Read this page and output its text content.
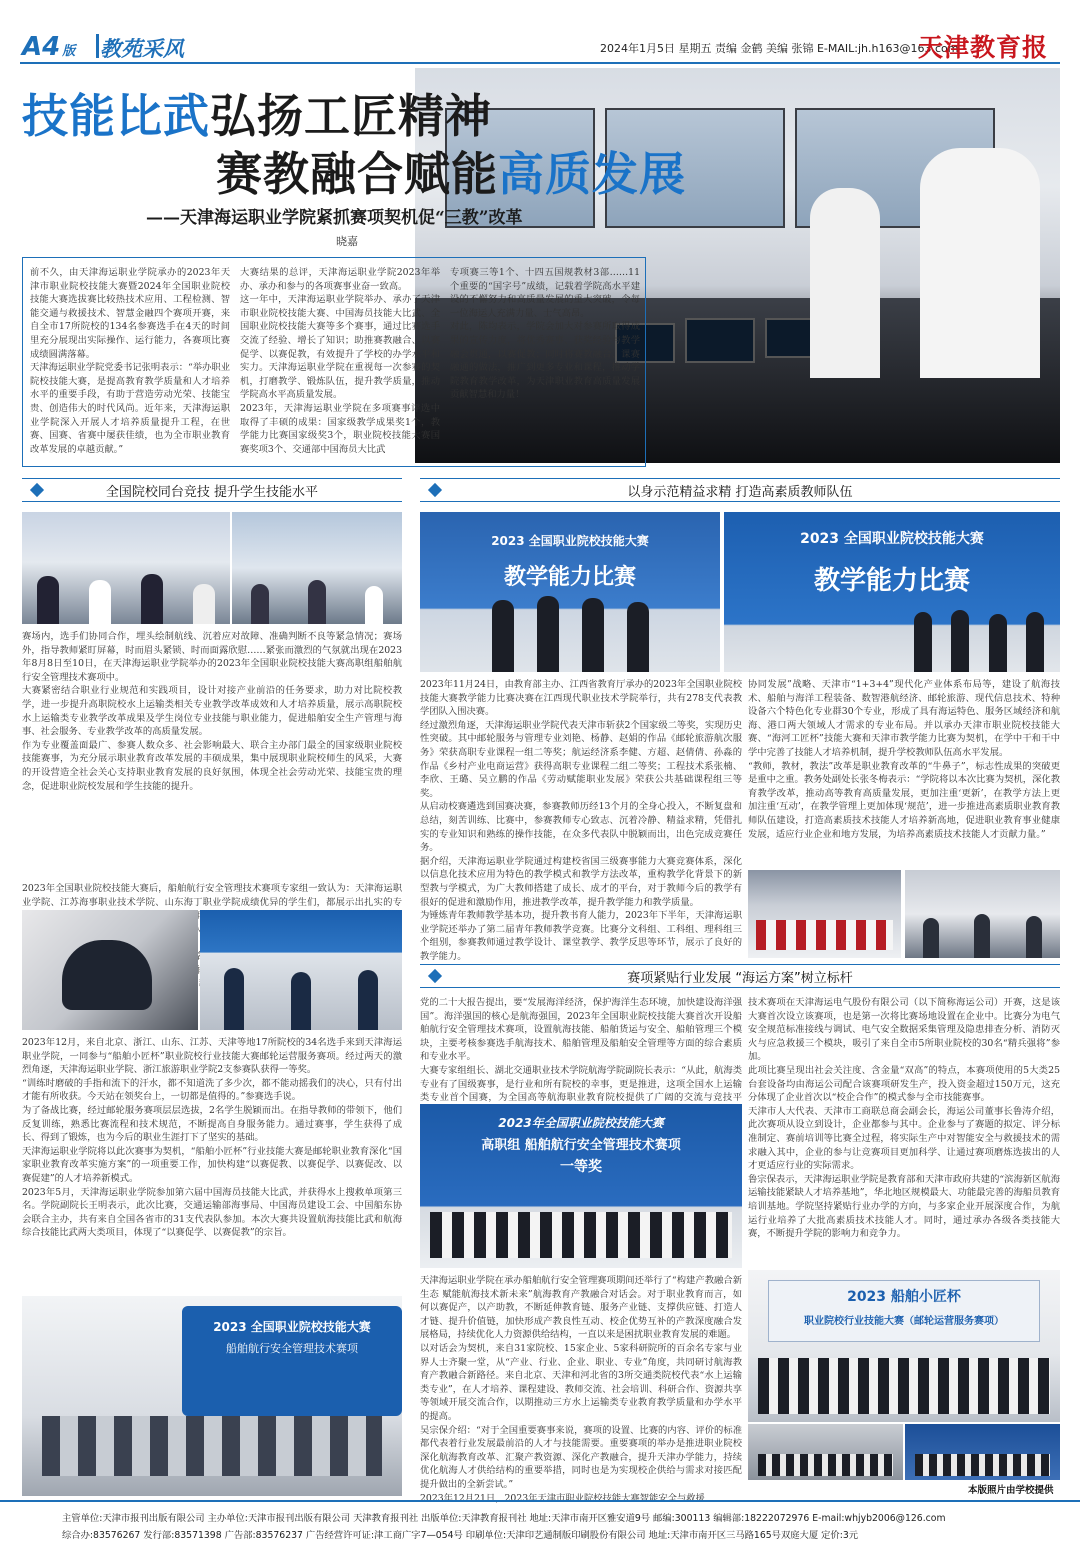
A4 版 教苑采风	2024年1月5日 星期五 责编 金鹤 美编 张锦 E-MAIL:jh.h163@163.com
天津教育报
技能比武弘扬工匠精神
赛教融合赋能高质发展
——天津海运职业学院紧抓赛项契机促“三教”改革
晓嘉
前不久，由天津海运职业学院承办的2023年天津市职业院校技能大赛暨2024年全国职业院校技能大赛选拔赛比较热技术应用、工程检测、智能交通与救援技术、智慧金融四个赛项开赛，来自全市17所院校的134名参赛选手在4天的时间里充分展现出实际操作、运行能力，各赛项比赛成绩圆满落幕。
天津海运职业学院党委书记张明表示：“举办职业院校技能大赛，是提高教育教学质量和人才培养水平的重要手段，有助于营造劳动光荣、技能宝贵、创造伟大的时代风尚。近年来，天津海运职业学院深入开展人才培养质量提升工程，在世赛、国赛、省赛中屡获佳绩，也为全市职业教育改革发展的卓越贡献。”
大赛结果的总评，天津海运职业学院2023年举办、承办和参与的各项赛事业奋一致高。
这一年中，天津海运职业学院举办、承办了天津市职业院校技能大赛、中国海员技能大比武、全国职业院校技能大赛等多个赛事，通过比赛选手交流了经验、增长了知识；助推赛教融合、以赛促学、以赛促教，有效提升了学校的办学水平和实力。天津海运职业学院在重视每一次参赛的契机，打磨教学、锻炼队伍，提升教学质量，推动学院高水平高质量发展。
2023年，天津海运职业学院在多项赛事评选中取得了丰硕的成果：国家级教学成果奖1个，教学能力比赛国家级奖3个，职业院校技能大赛国赛奖项3个、交通部中国海员大比武
专项赛三等1个、十四五国规教材3部……11个重要的“国字号”成绩，记载着学院高水平建设的不懈努力和高质量发展的重大突破，令每一位海运人充满力量、士气高昂。
对此，陈均表示，学院会加大对参赛所取得成果的宣传力度，将优秀赛事、获奖经验与教学融会贯通，以赛促教；同时将赛教融合、课赛融通的做法，推广到更多专业和课程，推动学院教育教学改革，为天津职业教育高质量发展贡献智慧和力量！
全国院校同台竞技 提升学生技能水平
赛场内，选手们协同合作，埋头绘制航线、沉着应对故障、准确判断不良等紧急情况；赛场外，指导教师紧盯屏幕，时而眉头紧锁、时而面露欣慰……紧张而激烈的气氛就出现在2023年8月8日至10日，在天津海运职业学院举办的2023年全国职业院校技能大赛高职组船舶航行安全管理技术赛项中。
大赛紧密结合职业行业规范和实践项目，设计对接产业前沿的任务要求，助力对比院校教学，进一步提升高职院校水上运输类相关专业教学改革成效和人才培养质量，展示高职院校水上运输类专业教学改革成果及学生岗位专业技能与职业能力，促进船舶安全生产管理与海事、社会服务、专业教学改革的高质量发展。
作为专业覆盖面最广、参赛人数众多、社会影响最大、联合主办部门最全的国家级职业院校技能赛事，为充分展示职业教育改革发展的丰硕成果，集中展现职业院校师生的风采，大赛的开设营造全社会关心支持职业教育发展的良好氛围，体现全社会劳动光荣、技能宝贵的理念，促进职业院校发展和学生技能的提升。
2023年全国职业院校技能大赛后，船舶航行安全管理技术赛项专家组一致认为：天津海运职业学院、江苏海事职业技术学院、山东海丁职业学院成绩优异的学生们，都展示出扎实的专

2023年12月，来自北京、浙江、山东、江苏、天津等地17所院校的34名选手来到天津海运职业学院，一同参与“船舶小匠杯”职业院校行业技能大赛邮轮运营服务赛项。经过两天的激烈角逐，天津海运职业学院、浙江旅游职业学院2支参赛队获得一等奖。
“训练时磨破的手指和流下的汗水，都不知道洗了多少次，都不能动摇我们的决心，只有付出才能有所收获。今天站在领奖台上，一切都是值得的。”参赛选手说。
为了备战比赛，经过邮轮服务赛项层层选拔，2名学生脱颖而出。在指导教师的带领下，他们反复训练，熟悉比赛流程和技术规范，不断提高自身服务能力。通过赛事，学生获得了成长、得到了锻炼，也为今后的职业生涯打下了坚实的基础。
天津海运职业学院将以此次赛事为契机，“船舶小匠杯”行业技能大赛是邮轮职业教育深化“国家职业教育改革实施方案”的一项重要工作，加快构建“以赛促教、以赛促学、以赛促改、以赛促建”的人才培养新模式。
2023年5月，天津海运职业学院参加第六届中国海员技能大比武，并获得水上搜救单项第三名。学院副院长王明表示，此次比赛，交通运输部海事局、中国海员建设工会、中国船东协会联合主办，共有来自全国各省市的31支代表队参加。本次大赛共设置航海技能比武和航海综合技能比武两大类项目，体现了“以赛促学、以赛促教”的宗旨。
2023 全国职业院校技能大赛
船舶航行安全管理技术赛项
以身示范精益求精 打造高素质教师队伍
2023 全国职业院校技能大赛
教学能力比赛
2023 全国职业院校技能大赛
教学能力比赛
2023年11月24日，由教育部主办、江西省教育厅承办的2023年全国职业院校技能大赛教学能力比赛决赛在江西现代职业技术学院举行，共有278支代表教学团队入围决赛。
经过激烈角逐，天津海运职业学院代表天津市斩获2个国家级二等奖，实现历史性突破。其中邮轮服务与管理专业刘艳、杨静、赵娟的作品《邮轮旅游航次服务》荣获高职专业课程一组二等奖；航运经济系李健、方超、赵倩倩、孙淼的作品《乡村产业电商运营》获得高职专业课程二组二等奖；工程技术系张楠、李欣、王璐、吴立鹏的作品《劳动赋能职业发展》荣获公共基础课程组三等奖。
从启动校赛遴选到国赛决赛，参赛教师历经13个月的全身心投入，不断复盘和总结，刻苦训练、比赛中，参赛教师专心致志、沉着冷静、精益求精，凭借扎实的专业知识和熟练的操作技能，在众多代表队中脱颖而出，出色完成竞赛任务。
据介绍，天津海运职业学院通过构建校省国三级赛事能力大赛竞赛体系，深化以信息化技术应用为特色的教学模式和教学方法改革，重构教学化背景下的新型教与学模式，为广大教师搭建了成长、成才的平台，对于教师今后的教学有很好的促进和激励作用，推进教学改革，提升教学能力和教学质量。
为锤炼青年教师教学基本功，提升教书育人能力，2023年下半年，天津海运职业学院还举办了第二届青年教师教学竞赛。比赛分文科组、工科组、理科组三个组别，参赛教师通过教学设计、课堂教学、教学反思等环节，展示了良好的教学能力。
协同发展”战略、天津市“1+3+4”现代化产业体系布局等，建设了航海技术、船舶与海洋工程装备、数智港航经济、邮轮旅游、现代信息技术、特种设备六个特色化专业群30个专业，形成了具有海运特色、服务区域经济和航海、港口两大领域人才需求的专业布局。并以承办天津市职业院校技能大赛、“海河工匠杯”技能大赛和天津市教学能力比赛为契机，在学中干和干中学中完善了技能人才培养机制，提升学校教师队伍高水平发展。
“教师，教材，教法”改革是职业教育改革的“牛鼻子”，标志性成果的突破更是重中之重。教务处副处长张冬梅表示：“学院将以本次比赛为契机，深化教育教学改革，推动高等教育高质量发展，更加注重‘更新’，在教学方法上更加注重‘互动’，在教学管理上更加体现‘规范’，进一步推进高素质职业教育教师队伍建设，打造高素质技术技能人才培养新高地，促进职业教育事业健康发展，适应行业企业和地方发展，为培养高素质技术技能人才贡献力量。”
赛项紧贴行业发展 “海运方案”树立标杆
党的二十大报告提出，要“发展海洋经济，保护海洋生态环境，加快建设海洋强国”。海洋强国的核心是航海强国，2023年全国职业院校技能大赛首次开设船舶航行安全管理技术赛项，设置航海技能、船舶货运与安全、船舶管理三个模块，主要考核参赛选手航海技术、船舶管理及船舶安全管理等方面的综合素质和专业水平。
大赛专家组组长、湖北交通职业技术学院航海学院副院长表示：“从此，航海类专业有了国级赛事，是行业和所有院校的幸事，更是推进，这项全国水上运输类专业首个国赛，为全国高等航海职业教育院校提供了广阔的交流与竞技平
技术赛项在天津海运电气股份有限公司（以下简称海运公司）开赛，这是该大赛首次设立该赛项，也是第一次将比赛场地设置在企业中。比赛分为电气安全规范标准接线与调试、电气安全数据采集管理及隐患排查分析、消防灭火与应急救援三个模块，吸引了来自全市5所职业院校的30名“精兵强将”参加。
此项比赛呈现出社会关注度、含金量“双高”的特点，本赛项使用的5大类25台套设备均由海运公司配合该赛项研发生产，投入资金超过150万元，这充分体现了企业首次以“校企合作”的模式参与全市技能赛事。
天津市人大代表、天津市工商联总商会副会长，海运公司董事长鲁涛介绍，此次赛项从设立到设计，企业都参与其中。企业参与了赛题的拟定、评分标准制定、赛前培训等比赛全过程，将实际生产中对智能安全与救援技术的需求融入其中，企业的参与让竞赛项目更加科学、让通过赛项磨炼选拔出的人才更适应行业的实际需求。
鲁宗保表示，天津海运职业学院是教育部和天津市政府共建的“滨海新区航海运输技能紧缺人才培养基地”，华北地区规模最大、功能最完善的海船员教育培训基地。学院坚持紧贴行业办学的方向，与多家企业开展深度合作，为航运行业培养了大批高素质技术技能人才。同时，通过承办各级各类技能大赛，不断提升学院的影响力和竞争力。
2023年全国职业院校技能大赛
高职组 船舶航行安全管理技术赛项
一等奖
天津海运职业学院在承办船舶航行安全管理赛项期间还举行了“构建产教融合新生态 赋能航海技术新未来”航海教育产教融合对话会。对于职业教育而言，如何以赛促产，以产助教，不断延伸教育链、服务产业链、支撑供应链、打造人才链、提升价值链，加快形成产教良性互动、校企优势互补的产教深度融合发展格局，持续优化人力资源供给结构，一直以来是困扰职业教育发展的难题。
以对话会为契机，来自31家院校、15家企业、5家科研院所的百余名专家与业界人士齐聚一堂，从“产业、行业、企业、职业、专业”角度，共同研讨航海教育产教融合新路径。来自北京、天津和河北省的3所交通类院校代表“水上运输类专业”，在人才培养、课程建设、教师交流、社会培训、科研合作、资源共享等领域开展交流合作，以期推动三方水上运输类专业教育教学质量和办学水平的提高。
吴宗保介绍：“对于全国重要赛事来说，赛项的设置、比赛的内容、评价的标准都代表着行业发展最前沿的人才与技能需要。重要赛项的举办是推进职业院校深化航海教育改革、汇聚产教资源、深化产教融合，提升天津办学能力，持续优化航海人才供给结构的重要举措，同时也是为实现校企供给与需求对接匹配提升做出的全新尝试。”
2023年12月21日，2023年天津市职业院校技能大赛智能安全与救援
2023 船舶小匠杯
职业院校行业技能大赛（邮轮运营服务赛项）
本版照片由学校提供
主管单位:天津市报刊出版有限公司 主办单位:天津市报刊出版有限公司 天津教育报刊社 出版单位:天津教育报刊社 地址:天津市南开区雅安道9号 邮编:300113 编辑部:18222072976 E-mail:whjyb2006@126.com
综合办:83576267 发行部:83571398 广告部:83576237 广告经营许可证:津工商广字7—054号 印刷单位:天津印艺通制版印刷股份有限公司 地址:天津市南开区三马路165号双庭大厦 定价:3元
